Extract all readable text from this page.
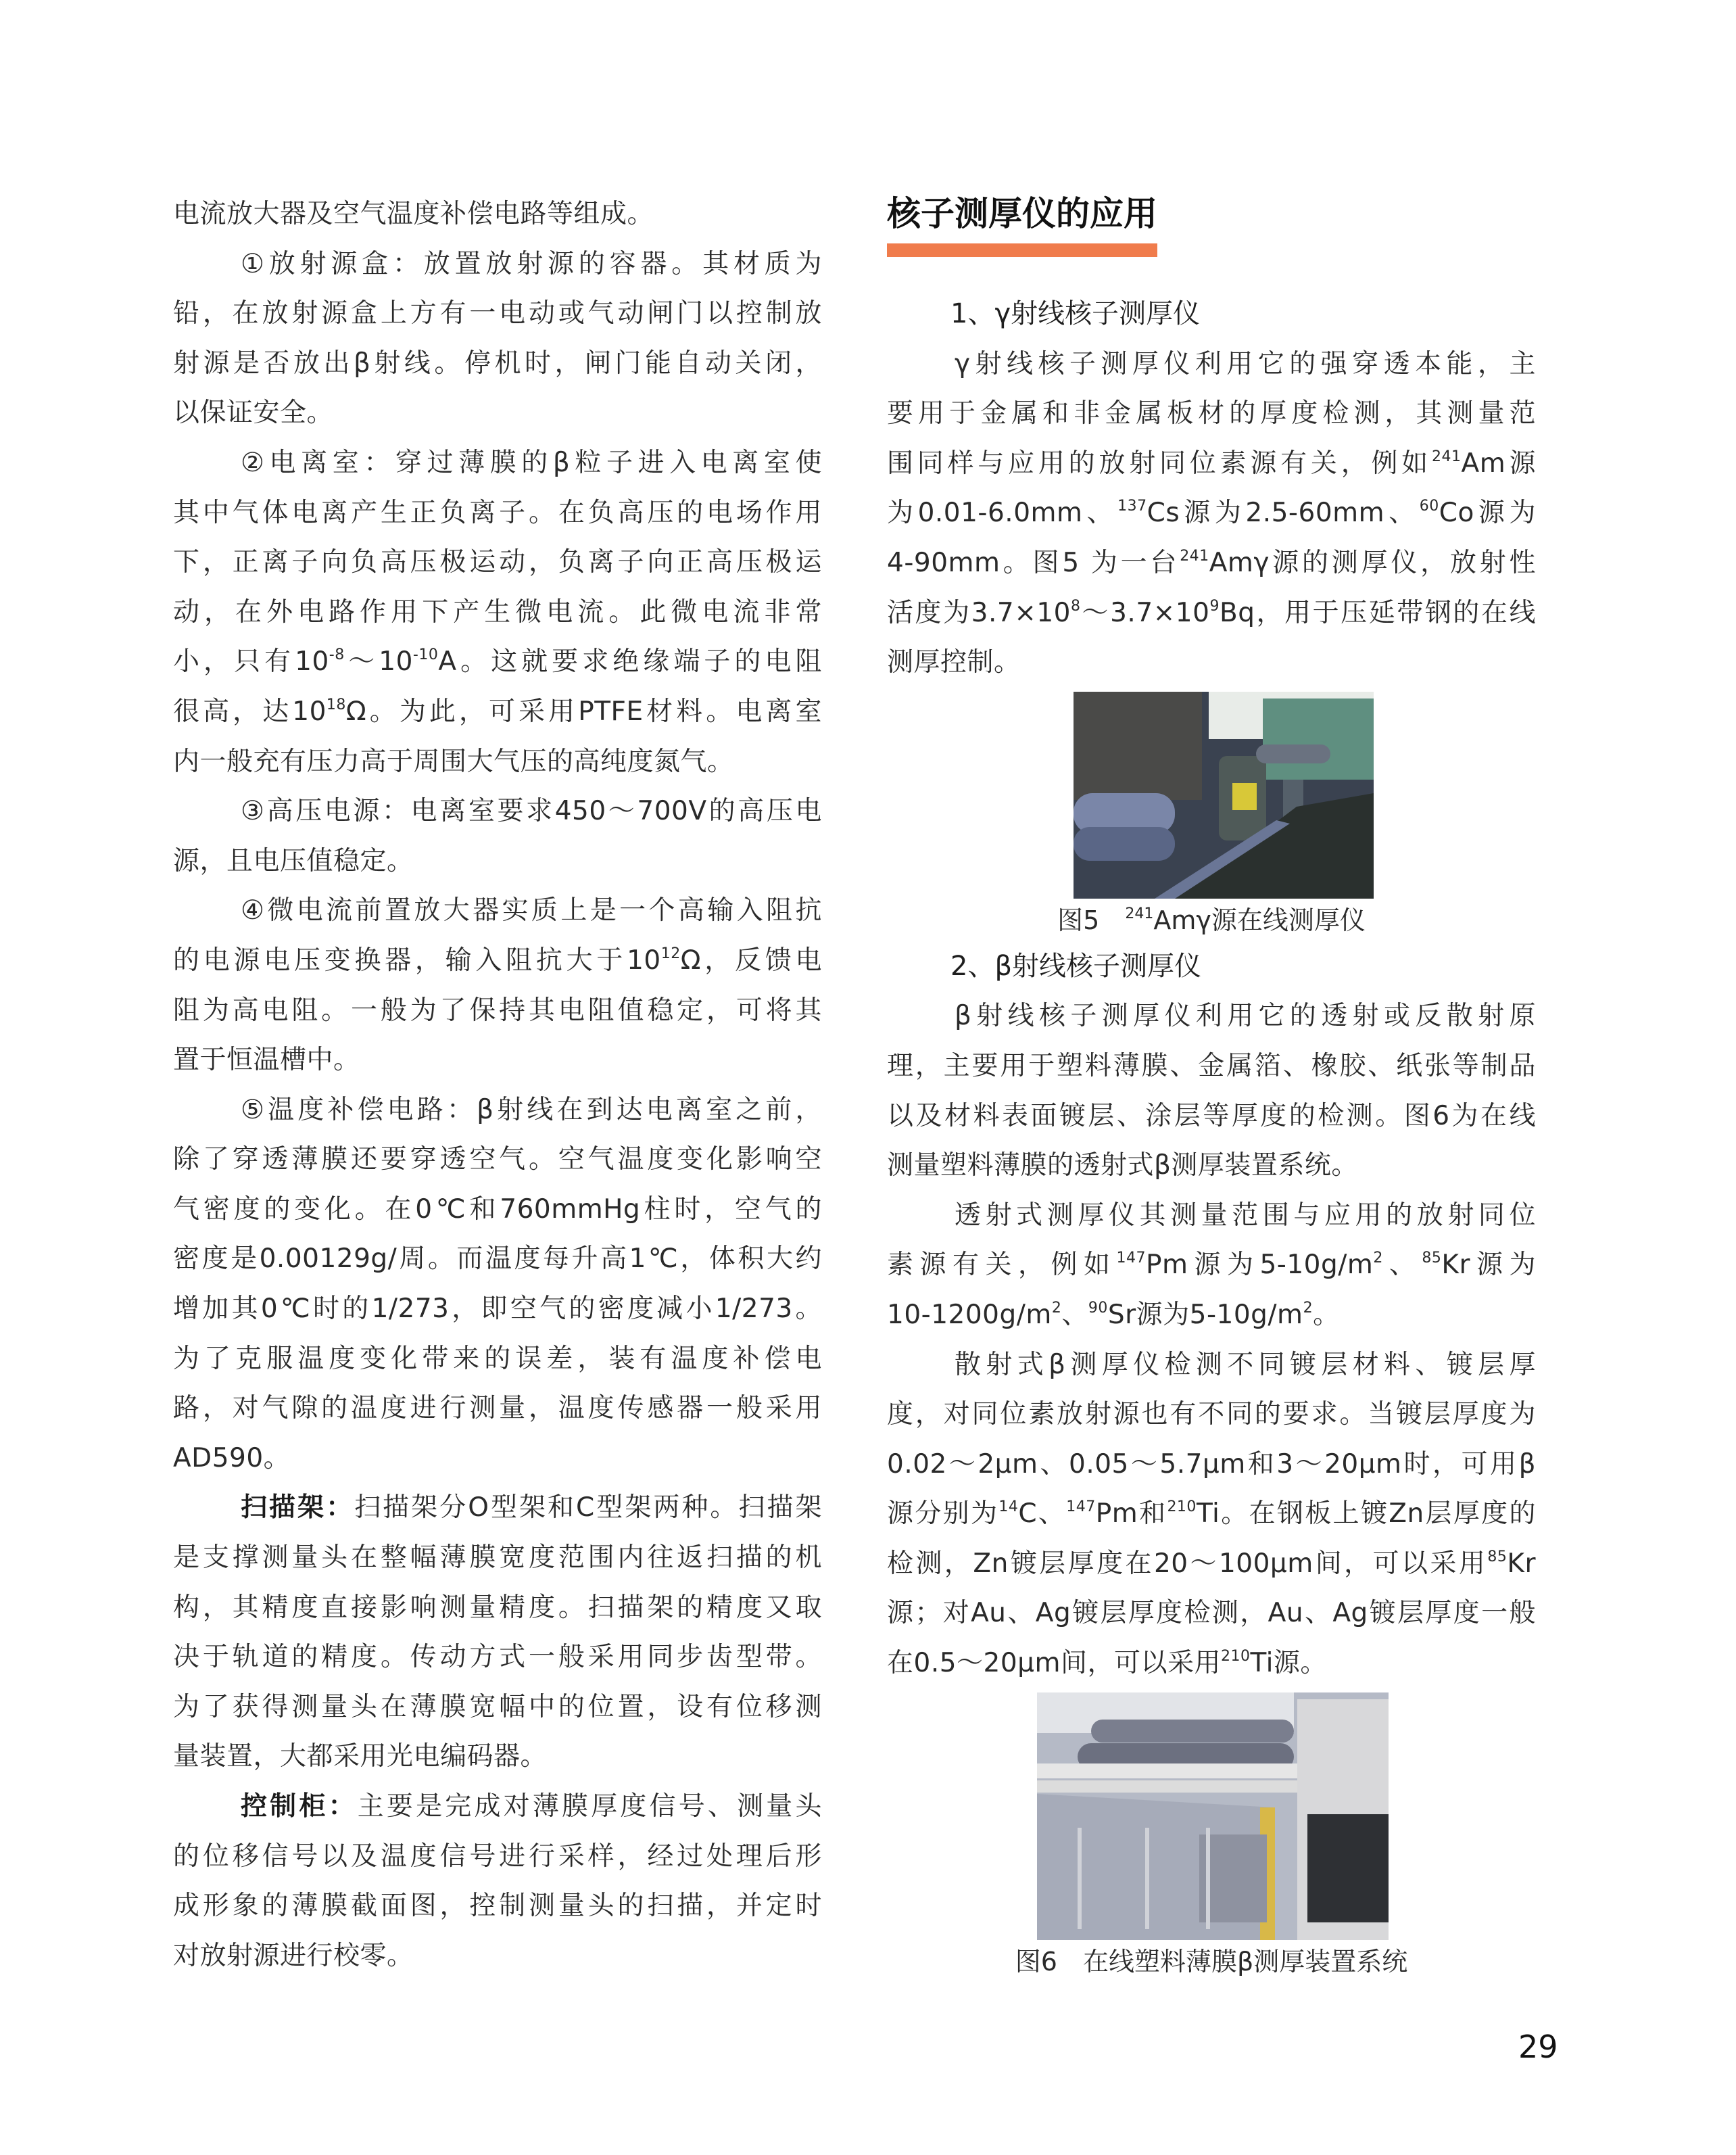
电流放大器及空气温度补偿电路等组成。
①放射源盒：放置放射源的容器。其材质为
铅，在放射源盒上方有一电动或气动闸门以控制放
射源是否放出β射线。停机时，闸门能自动关闭，
以保证安全。
②电离室：穿过薄膜的β粒子进入电离室使
其中气体电离产生正负离子。在负高压的电场作用
下，正离子向负高压极运动，负离子向正高压极运
动，在外电路作用下产生微电流。此微电流非常
小，只有$10^{-8}\sim 10^{-10}A$。这就要求绝缘端子的电阻
很高，达$10^{18}\Omega$。为此，可采用PTFE材料。电离室
内一般充有压力高于周围大气压的高纯度氮气。
③高压电源：电离室要求450～700V的高压电
源，且电压值稳定。
④微电流前置放大器实质上是一个高输入阻抗
的电源电压变换器，输入阻抗大于$10^{12}\Omega$，反馈电
阻为高电阻。一般为了保持其电阻值稳定，可将其
置于恒温槽中。
⑤温度补偿电路：β射线在到达电离室之前，
除了穿透薄膜还要穿透空气。空气温度变化影响空
气密度的变化。在0℃和760mmHg柱时，空气的
密度是0.00129g/周。而温度每升高1℃，体积大约
增加其0℃时的1/273，即空气的密度减小1/273。
为了克服温度变化带来的误差，装有温度补偿电
路，对气隙的温度进行测量，温度传感器一般采用
AD590。
扫描架：扫描架分O型架和C型架两种。扫描架
是支撑测量头在整幅薄膜宽度范围内往返扫描的机
构，其精度直接影响测量精度。扫描架的精度又取
决于轨道的精度。传动方式一般采用同步齿型带。
为了获得测量头在薄膜宽幅中的位置，设有位移测
量装置，大都采用光电编码器。
控制柜：主要是完成对薄膜厚度信号、测量头
的位移信号以及温度信号进行采样，经过处理后形
成形象的薄膜截面图，控制测量头的扫描，并定时
对放射源进行校零。
核子测厚仪的应用
1、γ射线核子测厚仪
γ射线核子测厚仪利用它的强穿透本能，主
要用于金属和非金属板材的厚度检测，其测量范
围同样与应用的放射同位素源有关，例如$^{241}$Am源
为0.01-6.0mm、$^{137}$Cs源为2.5-60mm、$^{60}$Co源为
4-90mm。图5 为一台$^{241}$Amγ源的测厚仪，放射性
活度为$3.7\times 10^8\sim 3.7\times 10^9Bq$，用于压延带钢的在线
测厚控制。
图5　$^{241}$Amγ源在线测厚仪
2、β射线核子测厚仪
β射线核子测厚仪利用它的透射或反散射原
理，主要用于塑料薄膜、金属箔、橡胶、纸张等制品
以及材料表面镀层、涂层等厚度的检测。图6为在线
测量塑料薄膜的透射式β测厚装置系统。
透射式测厚仪其测量范围与应用的放射同位
素源有关，例如$^{147}$Pm源为$5-10g/m^2$、$^{85}$Kr源为
$10-1200g/m^2$、$^{90}$Sr源为$5-10g/m^2$。
散射式β测厚仪检测不同镀层材料、镀层厚
度，对同位素放射源也有不同的要求。当镀层厚度为
0.02～2μm、0.05～5.7μm和3～20μm时，可用β
源分别为$^{14}$C、$^{147}$Pm和$^{210}$Ti。在钢板上镀Zn层厚度的
检测，Zn镀层厚度在20～100μm间，可以采用$^{85}$Kr
源；对Au、Ag镀层厚度检测，Au、Ag镀层厚度一般
在0.5～20μm间，可以采用$^{210}$Ti源。
图6　在线塑料薄膜β测厚装置系统
29
